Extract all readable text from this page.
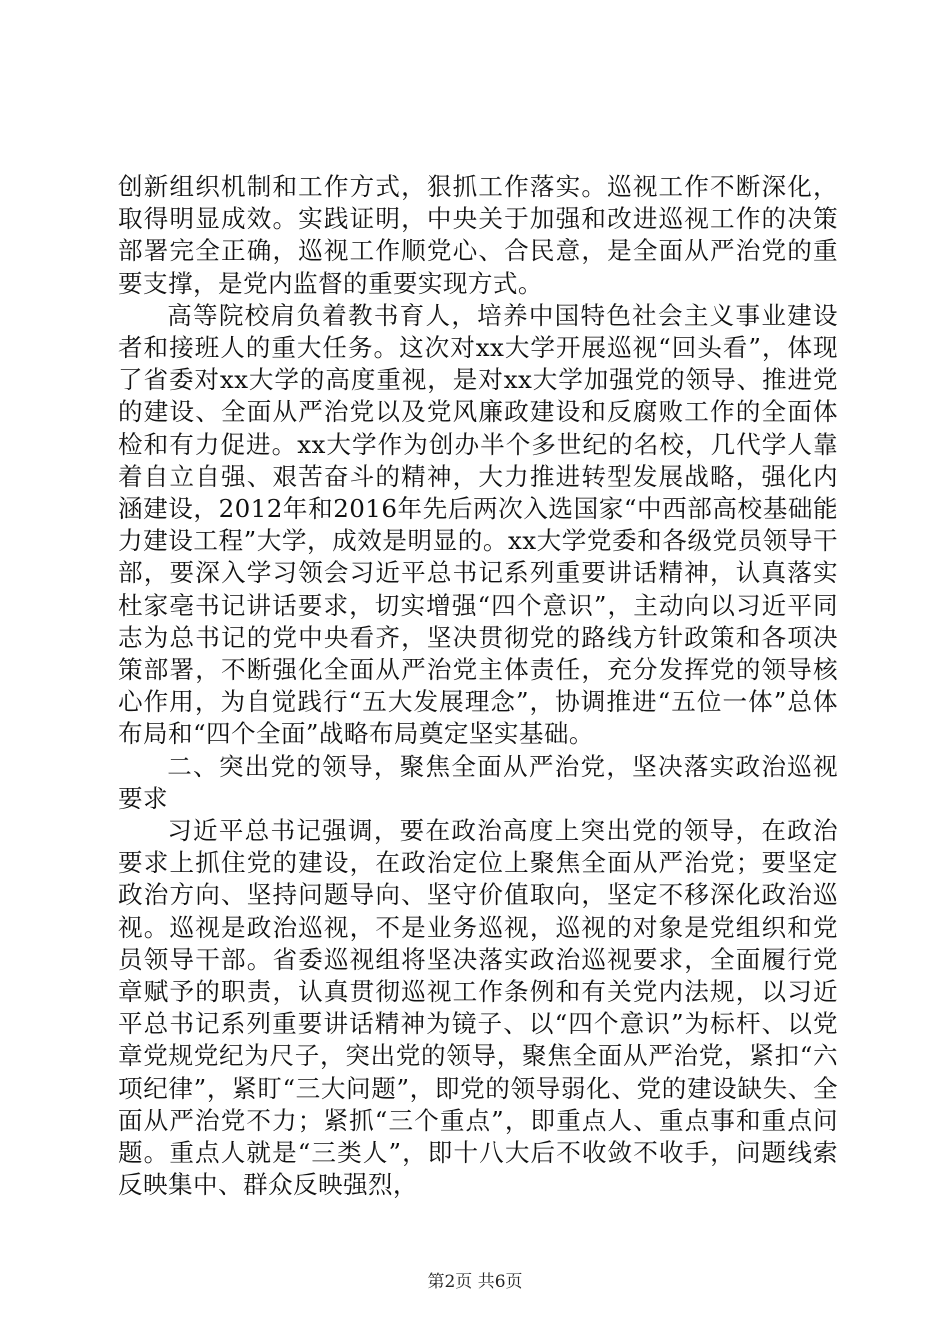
创新组织机制和工作方式，狠抓工作落实。巡视工作不断深化，取得明显成效。实践证明，中央关于加强和改进巡视工作的决策部署完全正确，巡视工作顺党心、合民意，是全面从严治党的重要支撑，是党内监督的重要实现方式。

高等院校肩负着教书育人，培养中国特色社会主义事业建设者和接班人的重大任务。这次对xx大学开展巡视“回头看”，体现了省委对xx大学的高度重视，是对xx大学加强党的领导、推进党的建设、全面从严治党以及党风廉政建设和反腐败工作的全面体检和有力促进。xx大学作为创办半个多世纪的名校，几代学人靠着自立自强、艰苦奋斗的精神，大力推进转型发展战略，强化内涵建设，2012年和2016年先后两次入选国家“中西部高校基础能力建设工程”大学，成效是明显的。xx大学党委和各级党员领导干部，要深入学习领会习近平总书记系列重要讲话精神，认真落实杜家亳书记讲话要求，切实增强“四个意识”，主动向以习近平同志为总书记的党中央看齐，坚决贯彻党的路线方针政策和各项决策部署，不断强化全面从严治党主体责任，充分发挥党的领导核心作用，为自觉践行“五大发展理念”，协调推进“五位一体”总体布局和“四个全面”战略布局奠定坚实基础。

二、突出党的领导，聚焦全面从严治党，坚决落实政治巡视要求

习近平总书记强调，要在政治高度上突出党的领导，在政治要求上抓住党的建设，在政治定位上聚焦全面从严治党；要坚定政治方向、坚持问题导向、坚守价值取向，坚定不移深化政治巡视。巡视是政治巡视，不是业务巡视，巡视的对象是党组织和党员领导干部。省委巡视组将坚决落实政治巡视要求，全面履行党章赋予的职责，认真贯彻巡视工作条例和有关党内法规，以习近平总书记系列重要讲话精神为镜子、以“四个意识”为标杆、以党章党规党纪为尺子，突出党的领导，聚焦全面从严治党，紧扣“六项纪律”，紧盯“三大问题”，即党的领导弱化、党的建设缺失、全面从严治党不力；紧抓“三个重点”，即重点人、重点事和重点问题。重点人就是“三类人”，即十八大后不收敛不收手，问题线索反映集中、群众反映强烈，

第2页 共6页
